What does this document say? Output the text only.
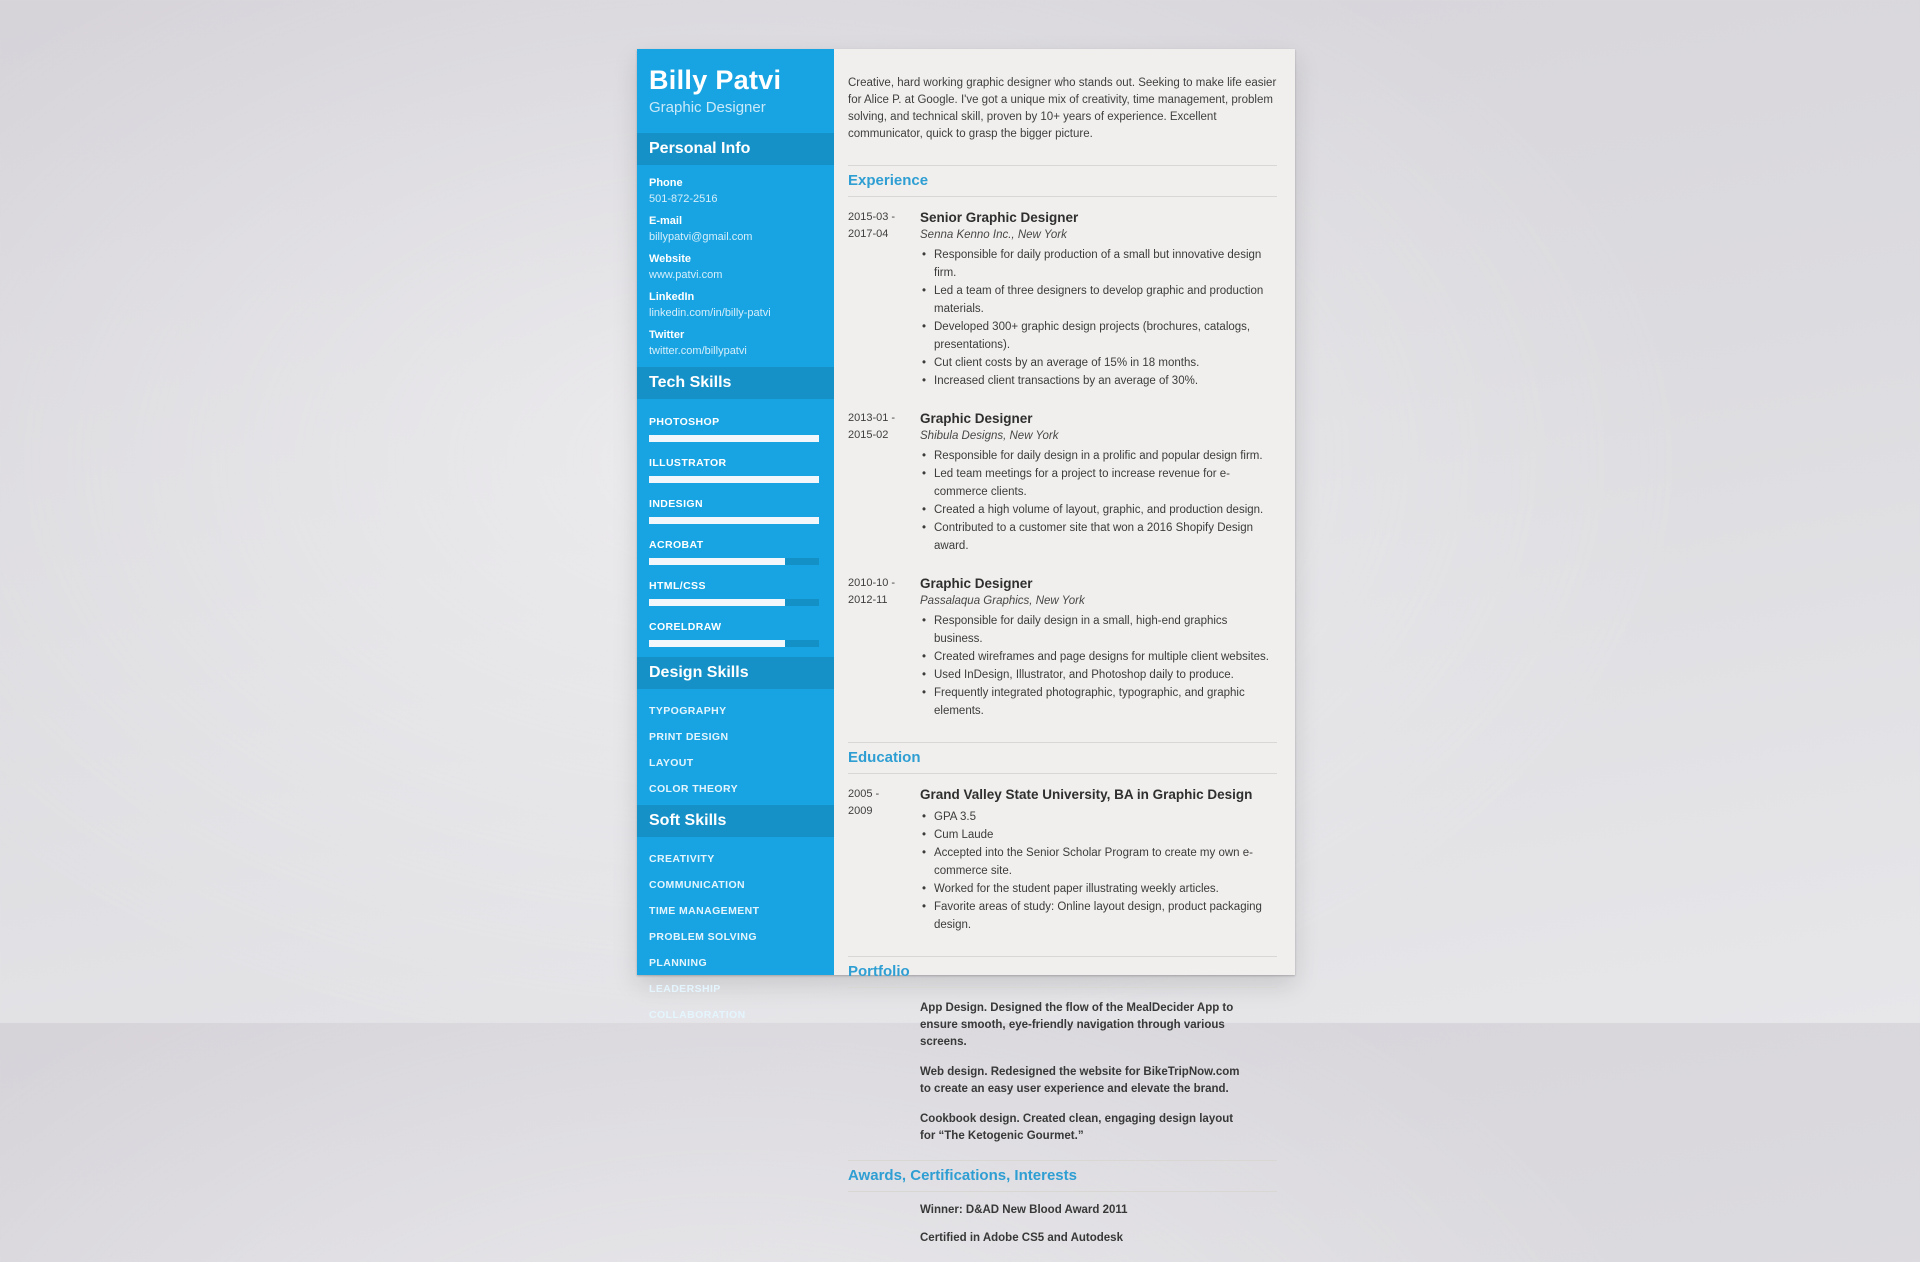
Billy Patvi
Graphic Designer
Personal Info
Phone
501-872-2516
E-mail
billypatvi@gmail.com
Website
www.patvi.com
LinkedIn
linkedin.com/in/billy-patvi
Twitter
twitter.com/billypatvi
Tech Skills
PHOTOSHOP
ILLUSTRATOR
INDESIGN
ACROBAT
HTML/CSS
CORELDRAW
Design Skills
TYPOGRAPHY
PRINT DESIGN
LAYOUT
COLOR THEORY
Soft Skills
CREATIVITY
COMMUNICATION
TIME MANAGEMENT
PROBLEM SOLVING
PLANNING
LEADERSHIP
COLLABORATION

Creative, hard working graphic designer who stands out. Seeking to make life easier for Alice P. at Google. I've got a unique mix of creativity, time management, problem solving, and technical skill, proven by 10+ years of experience. Excellent communicator, quick to grasp the bigger picture.

Experience
2015-03 -
2017-04
Senior Graphic Designer
Senna Kenno Inc., New York
• Responsible for daily production of a small but innovative design firm.
• Led a team of three designers to develop graphic and production materials.
• Developed 300+ graphic design projects (brochures, catalogs, presentations).
• Cut client costs by an average of 15% in 18 months.
• Increased client transactions by an average of 30%.
2013-01 -
2015-02
Graphic Designer
Shibula Designs, New York
• Responsible for daily design in a prolific and popular design firm.
• Led team meetings for a project to increase revenue for e-commerce clients.
• Created a high volume of layout, graphic, and production design.
• Contributed to a customer site that won a 2016 Shopify Design award.
2010-10 -
2012-11
Graphic Designer
Passalaqua Graphics, New York
• Responsible for daily design in a small, high-end graphics business.
• Created wireframes and page designs for multiple client websites.
• Used InDesign, Illustrator, and Photoshop daily to produce.
• Frequently integrated photographic, typographic, and graphic elements.
Education
2005 -
2009
Grand Valley State University, BA in Graphic Design
• GPA 3.5
• Cum Laude
• Accepted into the Senior Scholar Program to create my own e-commerce site.
• Worked for the student paper illustrating weekly articles.
• Favorite areas of study: Online layout design, product packaging design.
Portfolio

App Design. Designed the flow of the MealDecider App to ensure smooth, eye-friendly navigation through various screens.

Web design. Redesigned the website for BikeTripNow.com to create an easy user experience and elevate the brand.

Cookbook design. Created clean, engaging design layout for “The Ketogenic Gourmet.”

Awards, Certifications, Interests

Winner: D&AD New Blood Award 2011

Certified in Adobe CS5 and Autodesk
